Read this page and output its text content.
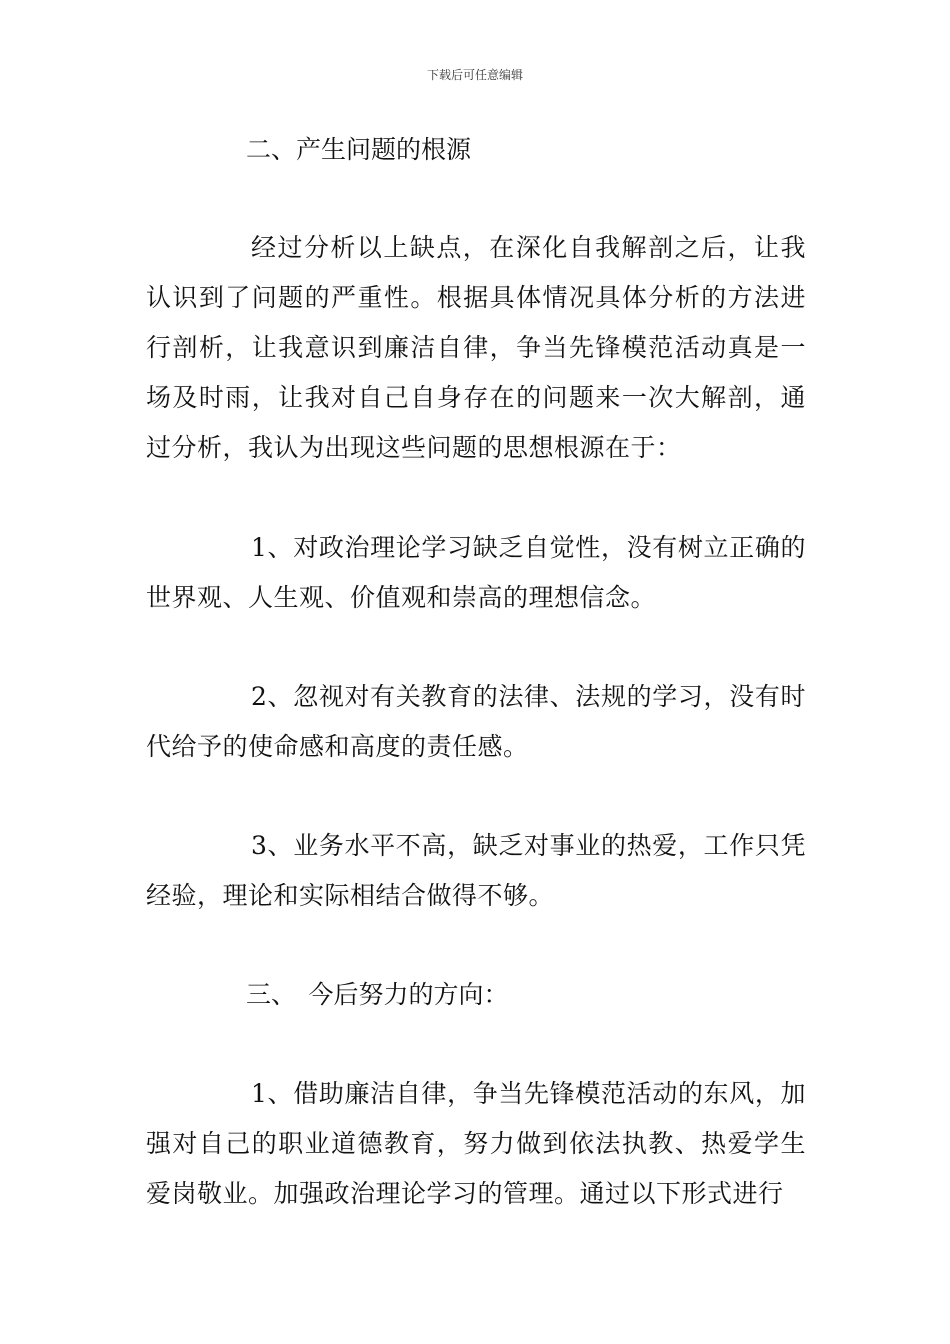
下载后可任意编辑
二、产生问题的根源
经过分析以上缺点，在深化自我解剖之后，让我认识到了问题的严重性。根据具体情况具体分析的方法进行剖析，让我意识到廉洁自律，争当先锋模范活动真是一场及时雨，让我对自己自身存在的问题来一次大解剖，通过分析，我认为出现这些问题的思想根源在于：
1、对政治理论学习缺乏自觉性，没有树立正确的世界观、人生观、价值观和崇高的理想信念。
2、忽视对有关教育的法律、法规的学习，没有时代给予的使命感和高度的责任感。
3、业务水平不高，缺乏对事业的热爱，工作只凭经验，理论和实际相结合做得不够。
三、　今后努力的方向：
1、借助廉洁自律，争当先锋模范活动的东风，加强对自己的职业道德教育，努力做到依法执教、热爱学生爱岗敬业。加强政治理论学习的管理。通过以下形式进行
